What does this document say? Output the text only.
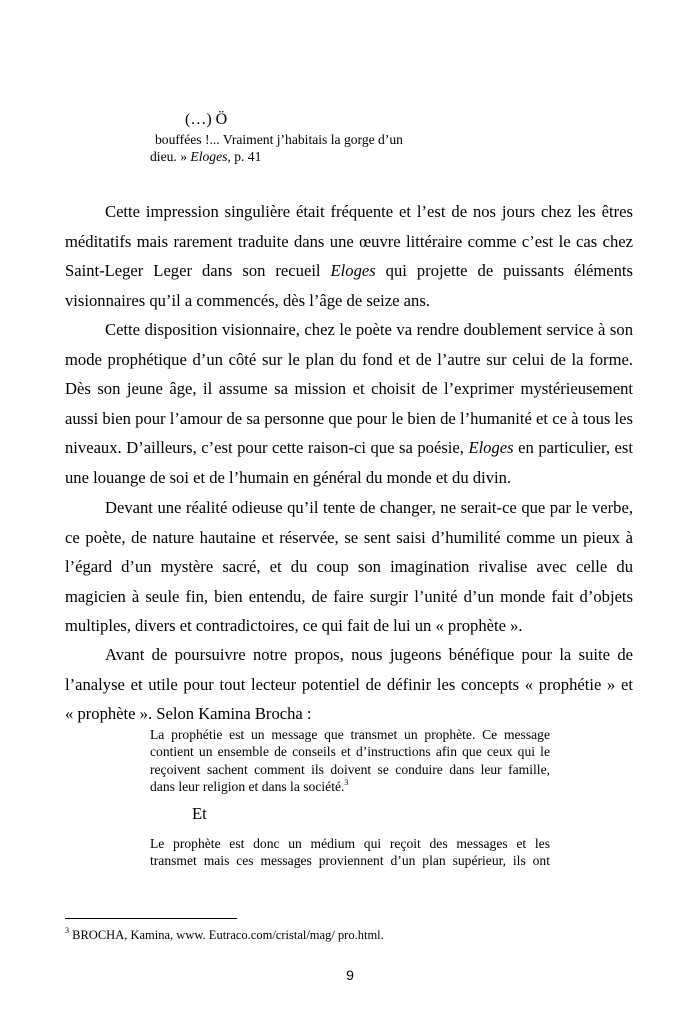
(…) Ö
bouffées !... Vraiment j’habitais la gorge d’un
dieu. » Eloges, p. 41
Cette impression singulière était fréquente et l’est de nos jours chez les êtres
méditatifs mais rarement traduite dans une œuvre littéraire comme c’est le cas chez
Saint-Leger Leger dans son recueil Eloges qui projette de puissants éléments
visionnaires qu’il a commencés, dès l’âge de seize ans.
Cette disposition visionnaire, chez le poète va rendre doublement service à son
mode prophétique d’un côté sur le plan du fond et de l’autre sur celui de la forme.
Dès son jeune âge, il assume sa mission et choisit de l’exprimer mystérieusement
aussi bien pour l’amour de sa personne que pour le bien de l’humanité et ce à tous les
niveaux. D’ailleurs, c’est pour cette raison-ci que sa poésie, Eloges en particulier, est
une louange de soi et de l’humain en général du monde et du divin.
Devant une réalité odieuse qu’il tente de changer, ne serait-ce que par le verbe,
ce poète, de nature hautaine et réservée, se sent saisi d’humilité comme un pieux à
l’égard d’un mystère sacré, et du coup son imagination rivalise avec celle du
magicien à seule fin, bien entendu, de faire surgir l’unité d’un monde fait d’objets
multiples, divers et contradictoires, ce qui fait de lui un « prophète ».
Avant de poursuivre notre propos, nous jugeons bénéfique pour la suite de
l’analyse et utile pour tout lecteur potentiel de définir les concepts « prophétie » et
« prophète ». Selon Kamina Brocha :
La prophétie est un message que transmet un prophète. Ce message
contient un ensemble de conseils et d’instructions afin que ceux qui le
reçoivent sachent comment ils doivent se conduire dans leur famille,
dans leur religion et dans la société.$^3$
Et
Le prophète est donc un médium qui reçoit des messages et les
transmet mais ces messages proviennent d’un plan supérieur, ils ont
$^3$ BROCHA, Kamina, www. Eutraco.com/cristal/mag/ pro.html.
9
